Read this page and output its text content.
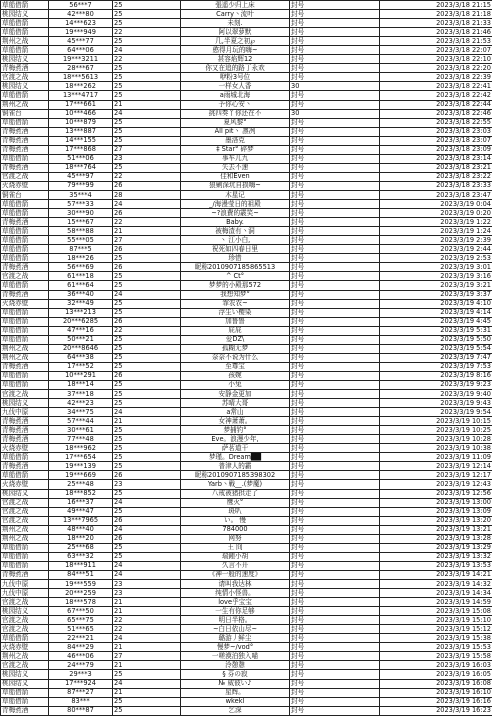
草船借箭	56***7	25	張遥少归上床	封号	2023/3/18 21:15
桃园结义	42***80	25	Carry丶流叶	封号	2023/3/18 21:18
草船借箭	14***623	25	未刻.	封号	2023/3/18 21:33
草船借箭	19***949	22	阿以翠萝默	封号	2023/3/18 21:46
荆州之战	45***77	25	几,半夏之初℘	封号	2023/3/18 21:53
草船借箭	64***06	24	憨得月玩的嗨~	封号	2023/3/18 22:07
桃园结义	19***3211	22	甚容焰辉12	封号	2023/3/18 22:10
青梅煮酒	28***67	25	你又在追的路丁永欢	封号	2023/3/18 22:20
官渡之战	18***5613	25	咿粉3号位	封号	2023/3/18 22:39
桃园结义	18***262	25	一样女人香	30	2023/3/18 22:41
草船借箭	13***4717	25	a雨城北海	封号	2023/3/18 22:42
荆州之战	17***661	21	予你心安丶	封号	2023/3/18 22:44
铜雀台	10***466	24	挑四奏丫你还在不	30	2023/3/18 22:46
草船借箭	10***879	25	夏风黎°	封号	2023/3/18 22:55
青梅煮酒	13***887	25	All pit丶 凛冽	封号	2023/3/18 23:03
青梅煮酒	14***155	25	墨洛克	封号	2023/3/18 23:07
青梅煮酒	17***868	27	‡ Star° 碎梦	封号	2023/3/18 23:09
草船借箭	51***06	23	事车儿九	封号	2023/3/18 23:14
青梅煮酒	18***764	25	矢去不速	封号	2023/3/18 23:21
官渡之战	45***97	22	佳和Even	封号	2023/3/18 23:22
火烧赤壁	79***99	26	狼剿深坑自损嗨~	封号	2023/3/18 23:33
铜雀台	35***4	28	木星记	封号	2023/3/18 23:47
草船借箭	57***33	24	_/海漫莹日的祖殿	封号	2023/3/19 0:04
草船借箭	30***90	26	~?浪費的霰笑~	封号	2023/3/19 0:20
青梅煮酒	15***67	22	Baby.	封号	2023/3/19 1:22
草船借箭	58***88	21	被梅渣有丶洞	封号	2023/3/19 1:24
草船借箭	55***05	27	丶 江小白,	封号	2023/3/19 2:39
草船借箭	87***5	26	祝死如四春日里	封号	2023/3/19 2:44
草船借箭	18***26	25	珍惜	封号	2023/3/19 2:53
青梅煮酒	56***69	26	昵称2010907185865513	封号	2023/3/19 3:01
官渡之战	61***18	25	^ Ct°	封号	2023/3/19 3:16
草船借箭	61***64	25	梦梦的小殿那572	封号	2023/3/19 3:21
青梅煮酒	36***40	24	我想知梦°	封号	2023/3/19 3:37
火烧赤壁	32***49	25	霏农农~	封号	2023/3/19 4:10
草船借箭	13***213	25	浮生い樱染	封号	2023/3/19 4:14
草船借箭	20***6285	26	加鲁鲁	封号	2023/3/19 4:45
草船借箭	47***16	22	屁屁	封号	2023/3/19 5:31
草船借箭	50***21	25	爱DZ\	封号	2023/3/19 5:50
荆州之战	20***8646	25	孤糊无梦	封号	2023/3/19 5:54
荆州之战	64***38	25	奈奈不说为什么	封号	2023/3/19 7:47
青梅煮酒	17***52	25	至尊宝	封号	2023/3/19 7:53
草船借箭	10***291	26	孩婉	封号	2023/3/19 8:16
草船借箭	18***14	25	小兔	封号	2023/3/19 9:23
官渡之战	37***18	25	安静金更加	封号	2023/3/19 9:40
桃园结义	42***23	25	苏晴大哥	封号	2023/3/19 9:43
九伐中原	34***75	24	a常山	封号	2023/3/19 9:54
青梅煮酒	57***44	21	女神萧萧。	封号	2023/3/19 10:15
青梅煮酒	30***61	25	梦捕钓°	封号	2023/3/19 10:25
青梅煮酒	77***48	25	Eve。浪漫少年,	封号	2023/3/19 10:28
火烧赤壁	18***962	25	萨茗道干	封号	2023/3/19 10:38
草船借箭	17***654	25	梦瑾。Dream██	封号	2023/3/19 11:09
青梅煮酒	19***139	25	普津人的霸	封号	2023/3/19 12:14
草船借箭	19***669	26	昵称2010907185398302	封号	2023/3/19 12:17
火烧赤壁	25***48	23	Yarb丶戦__.(梦魔)	封号	2023/3/19 12:43
桃园结义	18***852	25	八戒被猪拱走了	封号	2023/3/19 12:56
官渡之战	16***37	24	鹰灭°	封号	2023/3/19 13:00
官渡之战	49***47	25	斑叭	封号	2023/3/19 13:09
官渡之战	13***7965	26	い。 慢	封号	2023/3/19 13:20
荆州之战	48***40	24	784000	封号	2023/3/19 13:21
荆州之战	18***20	26	网努	封号	2023/3/19 13:28
草船借箭	25***68	25	王 冏	封号	2023/3/19 13:29
草船借箭	63***32	25	瑞鍾小胡	封号	2023/3/19 13:32
草船借箭	18***911	24	久言不开	封号	2023/3/19 13:53
青梅煮酒	84***51	24	《神一般的速度》	封号	2023/3/19 14:21
九伐中原	19***559	23	请叫我达林	封号	2023/3/19 14:32
九伐中原	20***259	23	纯情小怪兽。	封号	2023/3/19 14:34
官渡之战	18***578	21	love乎宝宝	封号	2023/3/19 14:59
桃园结义	67***50	21	一生有你足够	封号	2023/3/19 15:08
官渡之战	65***75	22	明日半格。	封号	2023/3/19 15:10
官渡之战	51***65	22	~白日依山尽~	封号	2023/3/19 15:12
草船借箭	22***21	24	璐游丿鲜尘	封号	2023/3/19 15:38
火烧赤壁	84***29	21	慢梦~/vod°	封号	2023/3/19 15:53
荆州之战	46***06	27	一嗟漠泊独入喵	封号	2023/3/19 15:58
官渡之战	24***79	21	泠憩憩	封号	2023/3/19 16:03
桃园结义	29***3	25	§ 芬の寂	封号	2023/3/19 16:05
桃园结义	17***924	24	№ 威彼い♪	封号	2023/3/19 16:08
草船借箭	87***27	21	星辉。	封号	2023/3/19 16:10
草船借箭	83***	25	wkekl	封号	2023/3/19 16:16
青梅煮酒	80***87	25	乞深	封号	2023/3/19 16:23
